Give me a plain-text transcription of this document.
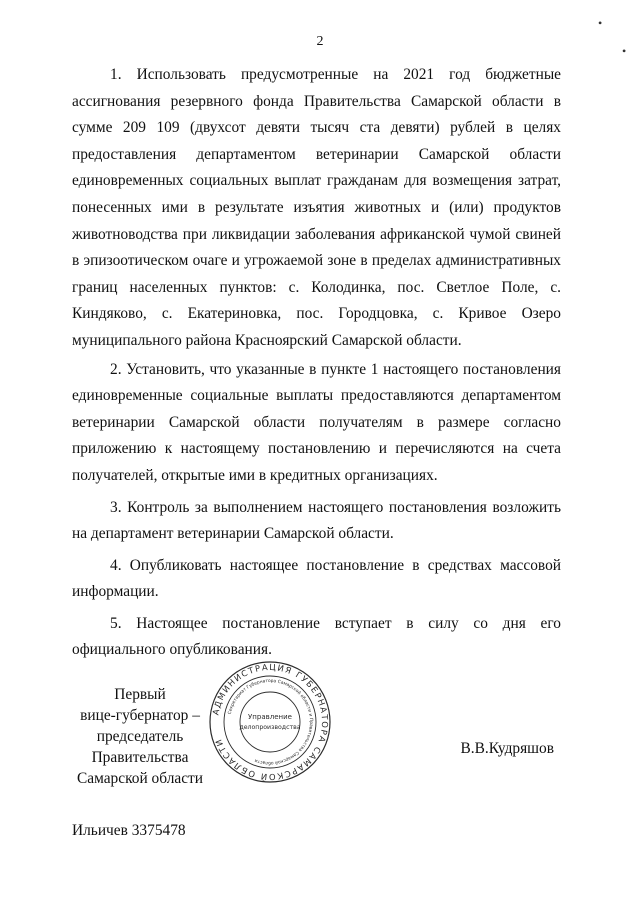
2
•
•

1. Использовать предусмотренные на 2021 год бюджетные ассигнования резервного фонда Правительства Самарской области в сумме 209 109 (двухсот девяти тысяч ста девяти) рублей в целях предоставления департаментом ветеринарии Самарской области единовременных социальных выплат гражданам для возмещения затрат, понесенных ими в результате изъятия животных и (или) продуктов животноводства при ликвидации заболевания африканской чумой свиней в эпизоотическом очаге и угрожаемой зоне в пределах административных границ населенных пунктов: с. Колодинка, пос. Светлое Поле, с. Киндяково, с. Екатериновка, пос. Городцовка, с. Кривое Озеро муниципального района Красноярский Самарской области.

2. Установить, что указанные в пункте 1 настоящего постановления единовременные социальные выплаты предоставляются департаментом ветеринарии Самарской области получателям в размере согласно приложению к настоящему постановлению и перечисляются на счета получателей, открытые ими в кредитных организациях.

3. Контроль за выполнением настоящего постановления возложить на департамент ветеринарии Самарской области.

4. Опубликовать настоящее постановление в средствах массовой информации.

5. Настоящее постановление вступает в силу со дня его официального опубликования.

Первый
вице-губернатор –
председатель Правительства
Самарской области
АДМИНИСТРАЦИЯ ГУБЕРНАТОРА САМАРСКОЙ ОБЛАСТИ
Секретариат Губернатора Самарской области и Правительства Самарской области
Управление
делопроизводства
В.В.Кудряшов
Ильичев 3375478
